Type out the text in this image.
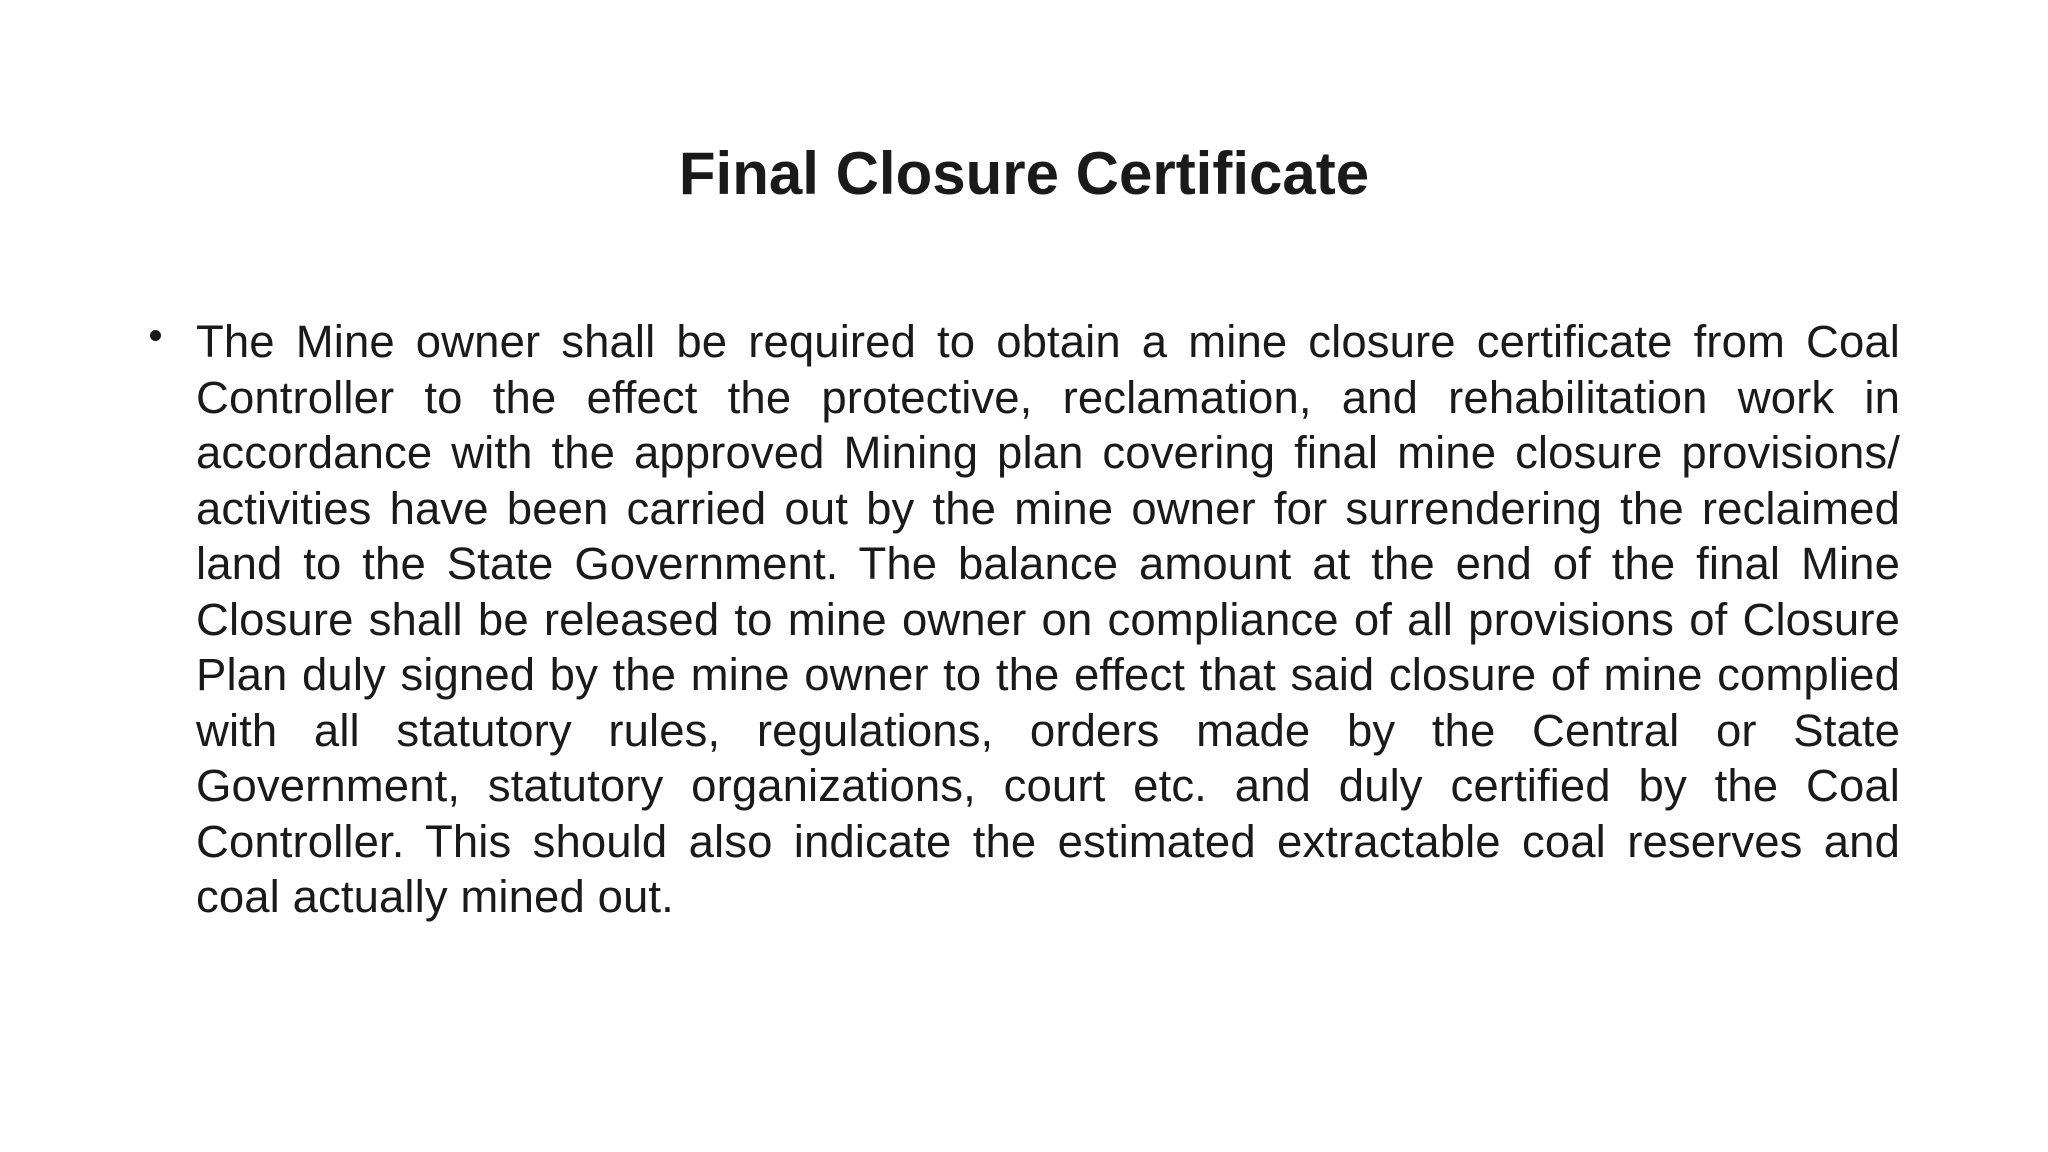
Final Closure Certificate
The Mine owner shall be required to obtain a mine closure certificate from Coal Controller to the effect the protective, reclamation, and rehabilitation work in accordance with the approved Mining plan covering final mine closure provisions/ activities have been carried out by the mine owner for surrendering the reclaimed land to the State Government. The balance amount at the end of the final Mine Closure shall be released to mine owner on compliance of all provisions of Closure Plan duly signed by the mine owner to the effect that said closure of mine complied with all statutory rules, regulations, orders made by the Central or State Government, statutory organizations, court etc. and duly certified by the Coal Controller. This should also indicate the estimated extractable coal reserves and coal actually mined out.
